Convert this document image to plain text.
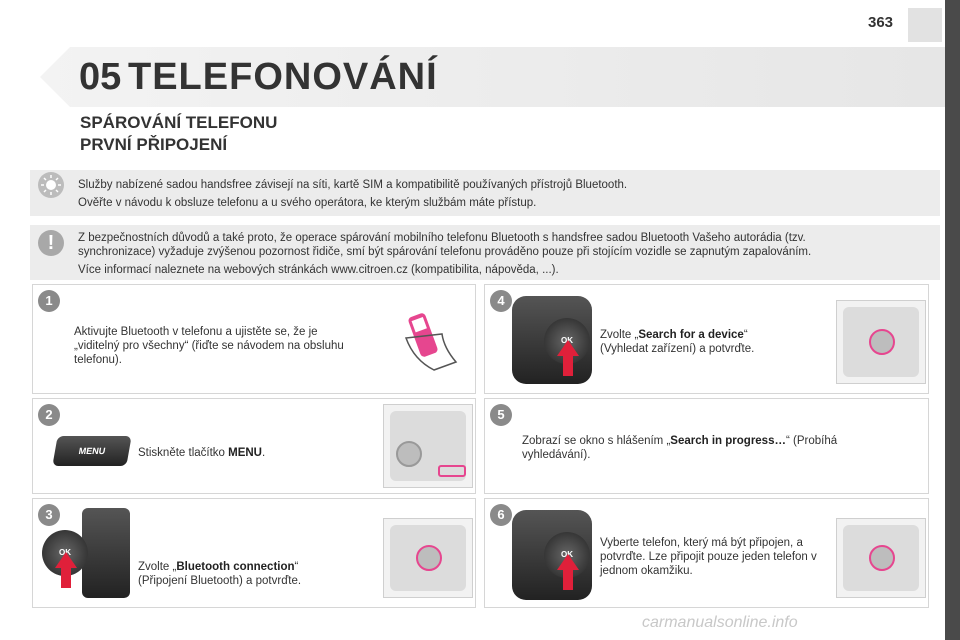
363
05 TELEFONOVÁNÍ
SPÁROVÁNÍ TELEFONU
PRVNÍ PŘIPOJENÍ
Služby nabízené sadou handsfree závisejí na síti, kartě SIM a kompatibilitě používaných přístrojů Bluetooth.
Ověřte v návodu k obsluze telefonu a u svého operátora, ke kterým službám máte přístup.
!	Z bezpečnostních důvodů a také proto, že operace spárování mobilního telefonu Bluetooth s handsfree sadou Bluetooth Vašeho autorádia (tzv.
synchronizace) vyžaduje zvýšenou pozornost řidiče, smí být spárování telefonu prováděno pouze při stojícím vozidle se zapnutým zapalováním.
Více informací naleznete na webových stránkách www.citroen.cz (kompatibilita, nápověda, ...).
1
Aktivujte Bluetooth v telefonu a ujistěte se, že je „viditelný pro všechny“ (řiďte se návodem na obsluhu telefonu).
2
MENU	Stiskněte tlačítko MENU.
3
OK
Zvolte „Bluetooth connection“
(Připojení Bluetooth) a potvrďte.
4
OK	Zvolte „Search for a device“
(Vyhledat zařízení) a potvrďte.
5
Zobrazí se okno s hlášením „Search in progress…“ (Probíhá vyhledávání).
6
OK
Vyberte telefon, který má být připojen, a potvrďte. Lze připojit pouze jeden telefon v jednom okamžiku.
carmanualsonline.info
